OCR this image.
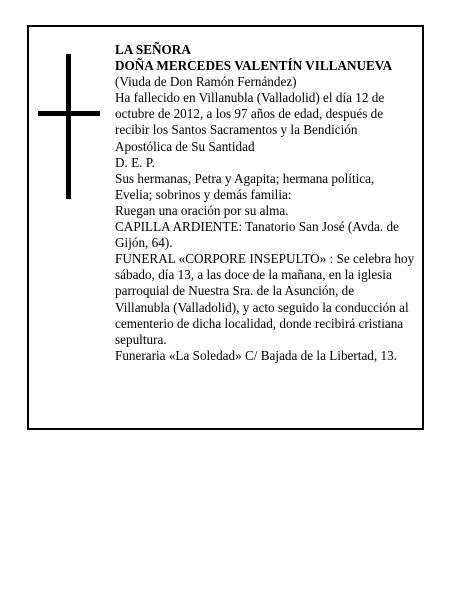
LA SEÑORA
DOÑA MERCEDES VALENTÍN VILLANUEVA
(Viuda de Don Ramón Fernández)
Ha fallecido en Villanubla (Valladolid) el día 12 de
octubre de 2012, a los 97 años de edad, después de
recibir los Santos Sacramentos y la Bendición
Apostólica de Su Santidad
D. E. P.
Sus hermanas, Petra y Agapita; hermana política,
Evelia; sobrinos y demás familia:
Ruegan una oración por su alma.
CAPILLA ARDIENTE: Tanatorio San José (Avda. de
Gijón, 64).
FUNERAL «CORPORE INSEPULTO» : Se celebra hoy
sábado, día 13, a las doce de la mañana, en la iglesia
parroquial de Nuestra Sra. de la Asunción, de
Villanubla (Valladolid), y acto seguido la conducción al
cementerio de dicha localidad, donde recibirá cristiana
sepultura.
Funeraria «La Soledad» C/ Bajada de la Libertad, 13.
